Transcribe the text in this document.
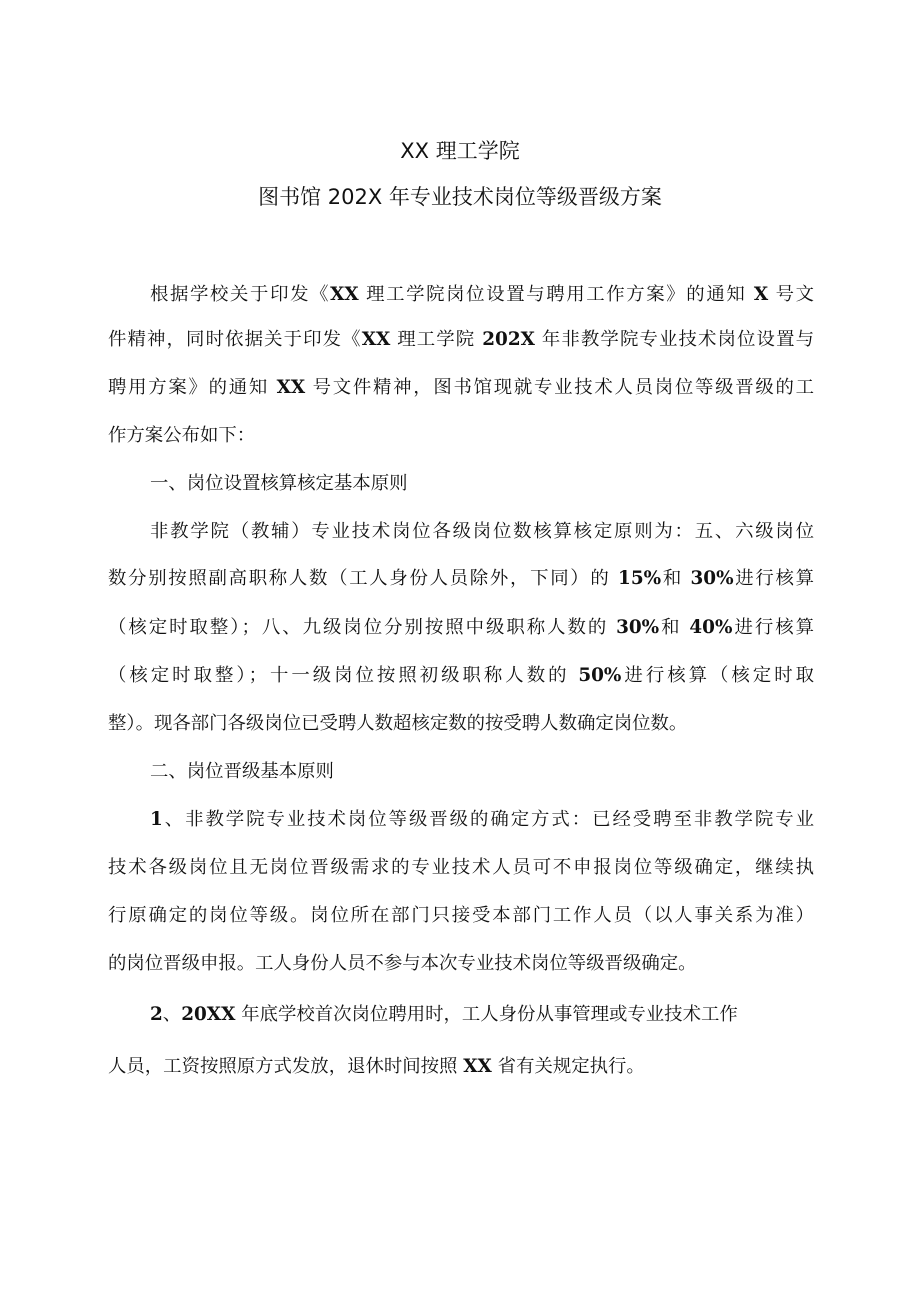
XX 理工学院
图书馆 202X 年专业技术岗位等级晋级方案
根据学校关于印发《XX 理工学院岗位设置与聘用工作方案》的通知 X 号文
件精神，同时依据关于印发《XX 理工学院 202X 年非教学院专业技术岗位设置与
聘用方案》的通知 XX 号文件精神，图书馆现就专业技术人员岗位等级晋级的工
作方案公布如下：
一、岗位设置核算核定基本原则
非教学院（教辅）专业技术岗位各级岗位数核算核定原则为：五、六级岗位
数分别按照副高职称人数（工人身份人员除外，下同）的 15%和 30%进行核算
（核定时取整）；八、九级岗位分别按照中级职称人数的 30%和 40%进行核算
（核定时取整）；十一级岗位按照初级职称人数的 50%进行核算（核定时取
整）。现各部门各级岗位已受聘人数超核定数的按受聘人数确定岗位数。
二、岗位晋级基本原则
1、非教学院专业技术岗位等级晋级的确定方式：已经受聘至非教学院专业
技术各级岗位且无岗位晋级需求的专业技术人员可不申报岗位等级确定，继续执
行原确定的岗位等级。岗位所在部门只接受本部门工作人员（以人事关系为准）
的岗位晋级申报。工人身份人员不参与本次专业技术岗位等级晋级确定。
2、20XX 年底学校首次岗位聘用时，工人身份从事管理或专业技术工作
人员，工资按照原方式发放，退休时间按照 XX 省有关规定执行。
